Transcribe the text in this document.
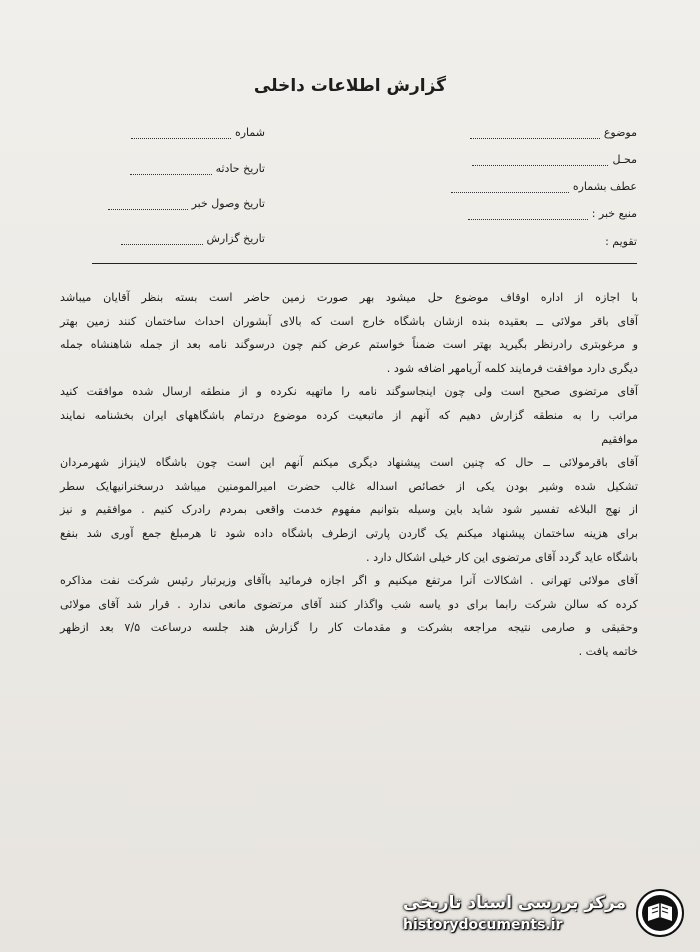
گزارش اطلاعات داخلی
موضوع
محـل
عطف بشماره
منبع خبر :
تقویم :
شماره
تاریخ حادثه
تاریخ وصول خبر
تاریخ گزارش
با اجازه از اداره اوقاف موضوع حل میشود بهر صورت زمین حاضر است بسته بنظر آقایان میباشد
آقای باقر مولائی ــ بعقیده بنده ازشان باشگاه خارج است که بالای آبشوران احداث ساختمان کنند زمین بهتر
و مرغوبتری رادرنظر بگیرید بهتر است ضمناً خواستم عرض کنم چون درسوگند نامه بعد از جمله شاهنشاه جمله
دیگری دارد موافقت فرمایند کلمه آریامهر اضافه شود .
آقای مرتضوی صحیح است ولی چون اینجاسوگند نامه را ماتهیه نکرده و از منطقه ارسال شده موافقت کنید
مراتب را به منطقه گزارش دهیم که آنهم از ماتبعیت کرده موضوع درتمام باشگاههای ایران بخشنامه نمایند
موافقیم
آقای باقرمولائی ــ حال که چنین است پیشنهاد دیگری میکنم آنهم این است چون باشگاه لاینزاز شهرمردان
تشکیل شده وشیر بودن یکی از خصائص اسداله غالب حضرت امیرالمومنین میباشد درسخنرانیهایک سطر
از نهج البلاغه تفسیر شود شاید باین وسیله بتوانیم مفهوم خدمت واقعی بمردم رادرک کنیم . موافقیم و نیز
برای هزینه ساختمان پیشنهاد میکنم یک گاردن پارتی ازطرف باشگاه داده شود تا هرمبلغ جمع آوری شد بنفع
باشگاه عاید گردد آقای مرتضوی این کار خیلی اشکال دارد .
آقای مولائی تهرانی . اشکالات آنرا مرتفع میکنیم و اگر اجازه فرمائید باآقای وزیرتبار رئیس شرکت نفت مذاکره
کرده که سالن شرکت رابما برای دو یاسه شب واگذار کنند آقای مرتضوی مانعی ندارد . قرار شد آقای مولائی
وحقیقی و صارمی نتیجه مراجعه بشرکت و مقدمات کار را گزارش هند جلسه درساعت ۷/۵ بعد ازظهر
خاتمه یافت .
مرکز بررسی اسناد تاریخی
historydocuments.ir
